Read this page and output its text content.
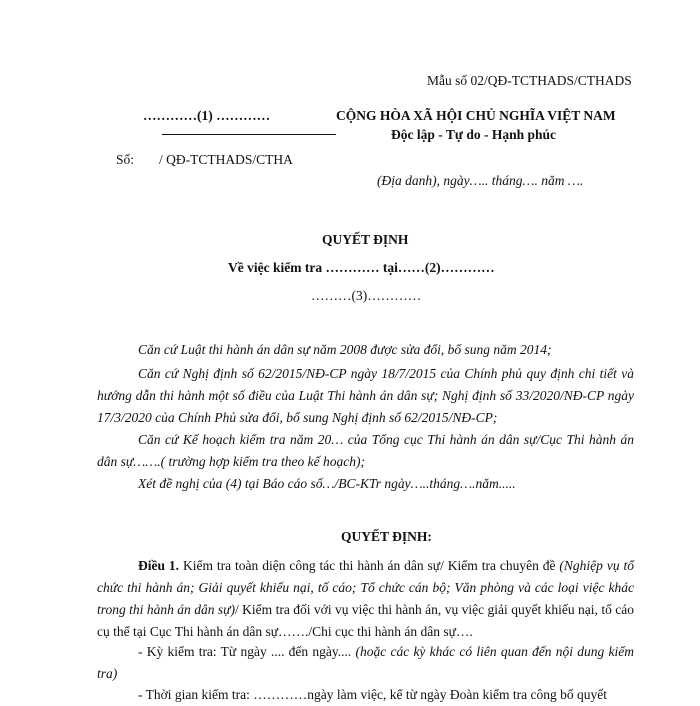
Mẫu số 02/QĐ-TCTHADS/CTHADS
…………(1) …………	CỘNG HÒA XÃ HỘI CHỦ NGHĨA VIỆT NAM
Độc lập - Tự do - Hạnh phúc
Số: / QĐ-TCTHADS/CTHA
(Địa danh), ngày….. tháng…. năm ….
QUYẾT ĐỊNH
Về việc kiểm tra ………… tại……(2)…………
………(3)…………
Căn cứ Luật thi hành án dân sự năm 2008 được sửa đổi, bổ sung năm 2014;
Căn cứ Nghị định số 62/2015/NĐ-CP ngày 18/7/2015 của Chính phủ quy định chi tiết và hướng dẫn thi hành một số điều của Luật Thi hành án dân sự; Nghị định số 33/2020/NĐ-CP ngày 17/3/2020 của Chính Phủ sửa đổi, bổ sung Nghị định số 62/2015/NĐ-CP;
Căn cứ Kế hoạch kiểm tra năm 20… của Tổng cục Thi hành án dân sự/Cục Thi hành án dân sự…….( trường hợp kiểm tra theo kế hoạch);
Xét đề nghị của (4) tại Báo cáo số…/BC-KTr ngày…..tháng….năm.....
QUYẾT ĐỊNH:
Điều 1. Kiểm tra toàn diện công tác thi hành án dân sự/ Kiểm tra chuyên đề (Nghiệp vụ tổ chức thi hành án; Giải quyết khiếu nại, tố cáo; Tổ chức cán bộ; Văn phòng và các loại việc khác trong thi hành án dân sự)/ Kiểm tra đối với vụ việc thi hành án, vụ việc giải quyết khiếu nại, tố cáo cụ thể tại Cục Thi hành án dân sự……./Chi cục thi hành án dân sự….
- Kỳ kiểm tra: Từ ngày .... đến ngày.... (hoặc các kỳ khác có liên quan đến nội dung kiểm tra)
- Thời gian kiểm tra: …………ngày làm việc, kể từ ngày Đoàn kiểm tra công bố quyết
